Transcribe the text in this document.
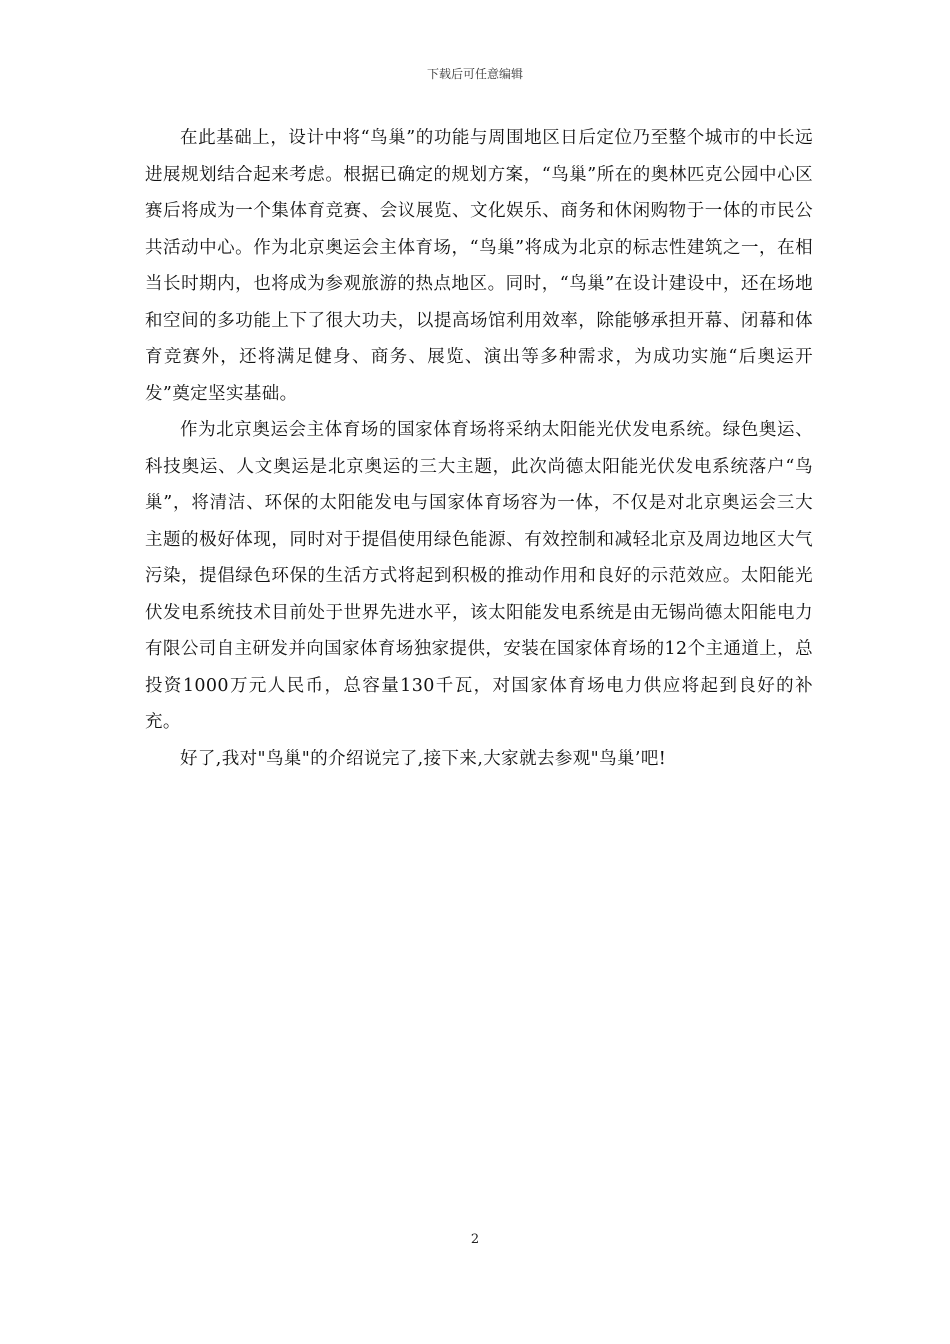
下载后可任意编辑

在此基础上，设计中将“鸟巢”的功能与周围地区日后定位乃至整个城市的中长远进展规划结合起来考虑。根据已确定的规划方案，“鸟巢”所在的奥林匹克公园中心区赛后将成为一个集体育竞赛、会议展览、文化娱乐、商务和休闲购物于一体的市民公共活动中心。作为北京奥运会主体育场，“鸟巢”将成为北京的标志性建筑之一，在相当长时期内，也将成为参观旅游的热点地区。同时，“鸟巢”在设计建设中，还在场地和空间的多功能上下了很大功夫，以提高场馆利用效率，除能够承担开幕、闭幕和体育竞赛外，还将满足健身、商务、展览、演出等多种需求，为成功实施“后奥运开发”奠定坚实基础。

作为北京奥运会主体育场的国家体育场将采纳太阳能光伏发电系统。绿色奥运、科技奥运、人文奥运是北京奥运的三大主题，此次尚德太阳能光伏发电系统落户“鸟巢”，将清洁、环保的太阳能发电与国家体育场容为一体，不仅是对北京奥运会三大主题的极好体现，同时对于提倡使用绿色能源、有效控制和减轻北京及周边地区大气污染，提倡绿色环保的生活方式将起到积极的推动作用和良好的示范效应。太阳能光伏发电系统技术目前处于世界先进水平，该太阳能发电系统是由无锡尚德太阳能电力有限公司自主研发并向国家体育场独家提供，安装在国家体育场的12个主通道上，总投资1000万元人民币，总容量130千瓦，对国家体育场电力供应将起到良好的补充。

好了,我对"鸟巢"的介绍说完了,接下来,大家就去参观"鸟巢’吧!

2
